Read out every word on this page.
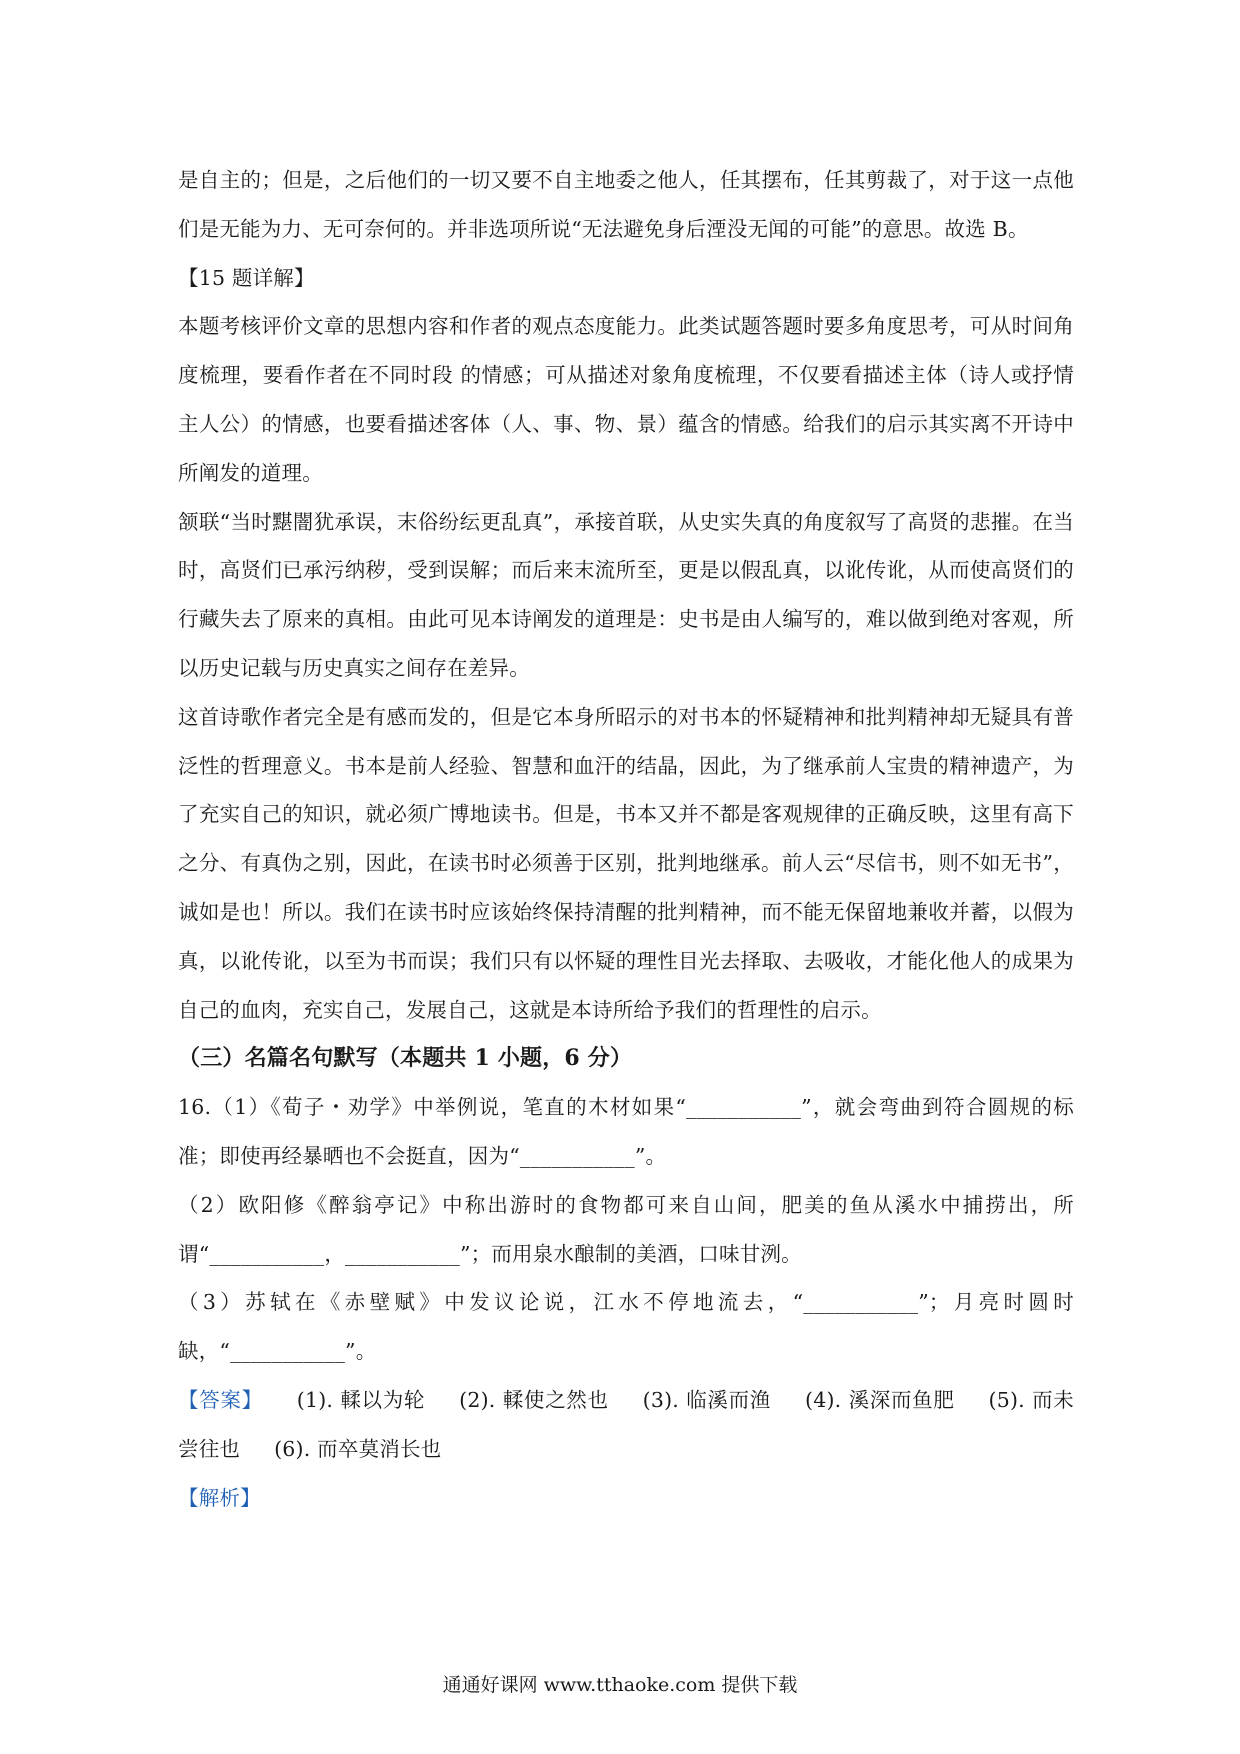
是自主的；但是，之后他们的一切又要不自主地委之他人，任其摆布，任其剪裁了，对于这一点他们是无能为力、无可奈何的。并非选项所说“无法避免身后湮没无闻的可能”的意思。故选 B。

【15 题详解】

本题考核评价文章的思想内容和作者的观点态度能力。此类试题答题时要多角度思考，可从时间角度梳理，要看作者在不同时段 的情感；可从描述对象角度梳理，不仅要看描述主体（诗人或抒情 主人公）的情感，也要看描述客体（人、事、物、景）蕴含的情感。给我们的启示其实离不开诗中所阐发的道理。

颔联“当时黮闇犹承误，末俗纷纭更乱真”，承接首联，从史实失真的角度叙写了高贤的悲摧。在当时，高贤们已承污纳秽，受到误解；而后来末流所至，更是以假乱真，以讹传讹，从而使高贤们的行藏失去了原来的真相。由此可见本诗阐发的道理是：史书是由人编写的，难以做到绝对客观，所以历史记载与历史真实之间存在差异。

这首诗歌作者完全是有感而发的，但是它本身所昭示的对书本的怀疑精神和批判精神却无疑具有普泛性的哲理意义。书本是前人经验、智慧和血汗的结晶，因此，为了继承前人宝贵的精神遗产，为了充实自己的知识，就必须广博地读书。但是，书本又并不都是客观规律的正确反映，这里有高下之分、有真伪之别，因此，在读书时必须善于区别，批判地继承。前人云“尽信书，则不如无书”，诚如是也！所以。我们在读书时应该始终保持清醒的批判精神，而不能无保留地兼收并蓄，以假为真，以讹传讹，以至为书而误；我们只有以怀疑的理性目光去择取、去吸收，才能化他人的成果为自己的血肉，充实自己，发展自己，这就是本诗所给予我们的哲理性的启示。

（三）名篇名句默写（本题共 1 小题，6 分）

16.（1）《荀子・劝学》中举例说，笔直的木材如果“___________”，就会弯曲到符合圆规的标准；即使再经暴晒也不会挺直，因为“___________”。

（2）欧阳修《醉翁亭记》中称出游时的食物都可来自山间，肥美的鱼从溪水中捕捞出，所谓“___________，___________”；而用泉水酿制的美酒，口味甘洌。

（3）苏轼在《赤壁赋》中发议论说，江水不停地流去，“___________”；月亮时圆时缺，“___________”。

【答案】 (1). 輮以为轮 (2). 輮使之然也 (3). 临溪而渔 (4). 溪深而鱼肥 (5). 而未尝往也 (6). 而卒莫消长也

【解析】

通通好课网 www.tthaoke.com 提供下载
